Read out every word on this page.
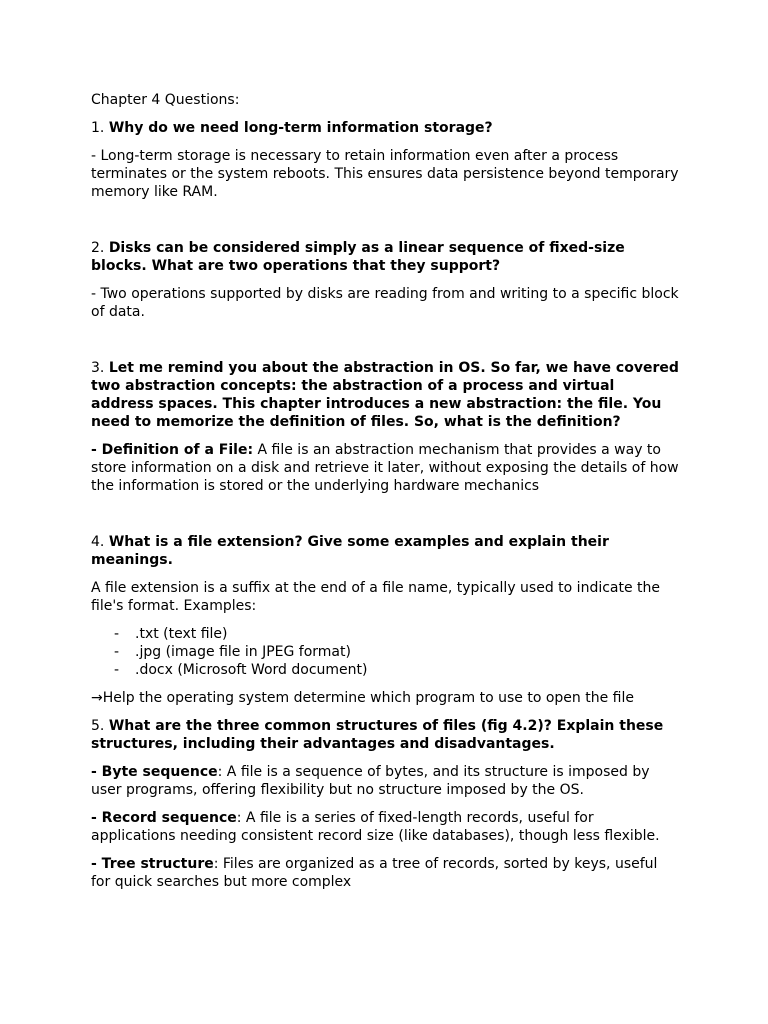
Chapter 4 Questions:

1. Why do we need long-term information storage?

- Long-term storage is necessary to retain information even after a process terminates or the system reboots. This ensures data persistence beyond temporary memory like RAM.

2. Disks can be considered simply as a linear sequence of fixed-size blocks. What are two operations that they support?

- Two operations supported by disks are reading from and writing to a specific block of data.

3. Let me remind you about the abstraction in OS. So far, we have covered two abstraction concepts: the abstraction of a process and virtual address spaces. This chapter introduces a new abstraction: the file. You need to memorize the definition of files. So, what is the definition?

- Definition of a File: A file is an abstraction mechanism that provides a way to store information on a disk and retrieve it later, without exposing the details of how the information is stored or the underlying hardware mechanics

4. What is a file extension? Give some examples and explain their meanings.

A file extension is a suffix at the end of a file name, typically used to indicate the file's format. Examples:

-	.txt (text file)
-	.jpg (image file in JPEG format)
-	.docx (Microsoft Word document)

→Help the operating system determine which program to use to open the file

5. What are the three common structures of files (fig 4.2)? Explain these structures, including their advantages and disadvantages.

- Byte sequence: A file is a sequence of bytes, and its structure is imposed by user programs, offering flexibility but no structure imposed by the OS.

- Record sequence: A file is a series of fixed-length records, useful for applications needing consistent record size (like databases), though less flexible.

- Tree structure: Files are organized as a tree of records, sorted by keys, useful for quick searches but more complex
